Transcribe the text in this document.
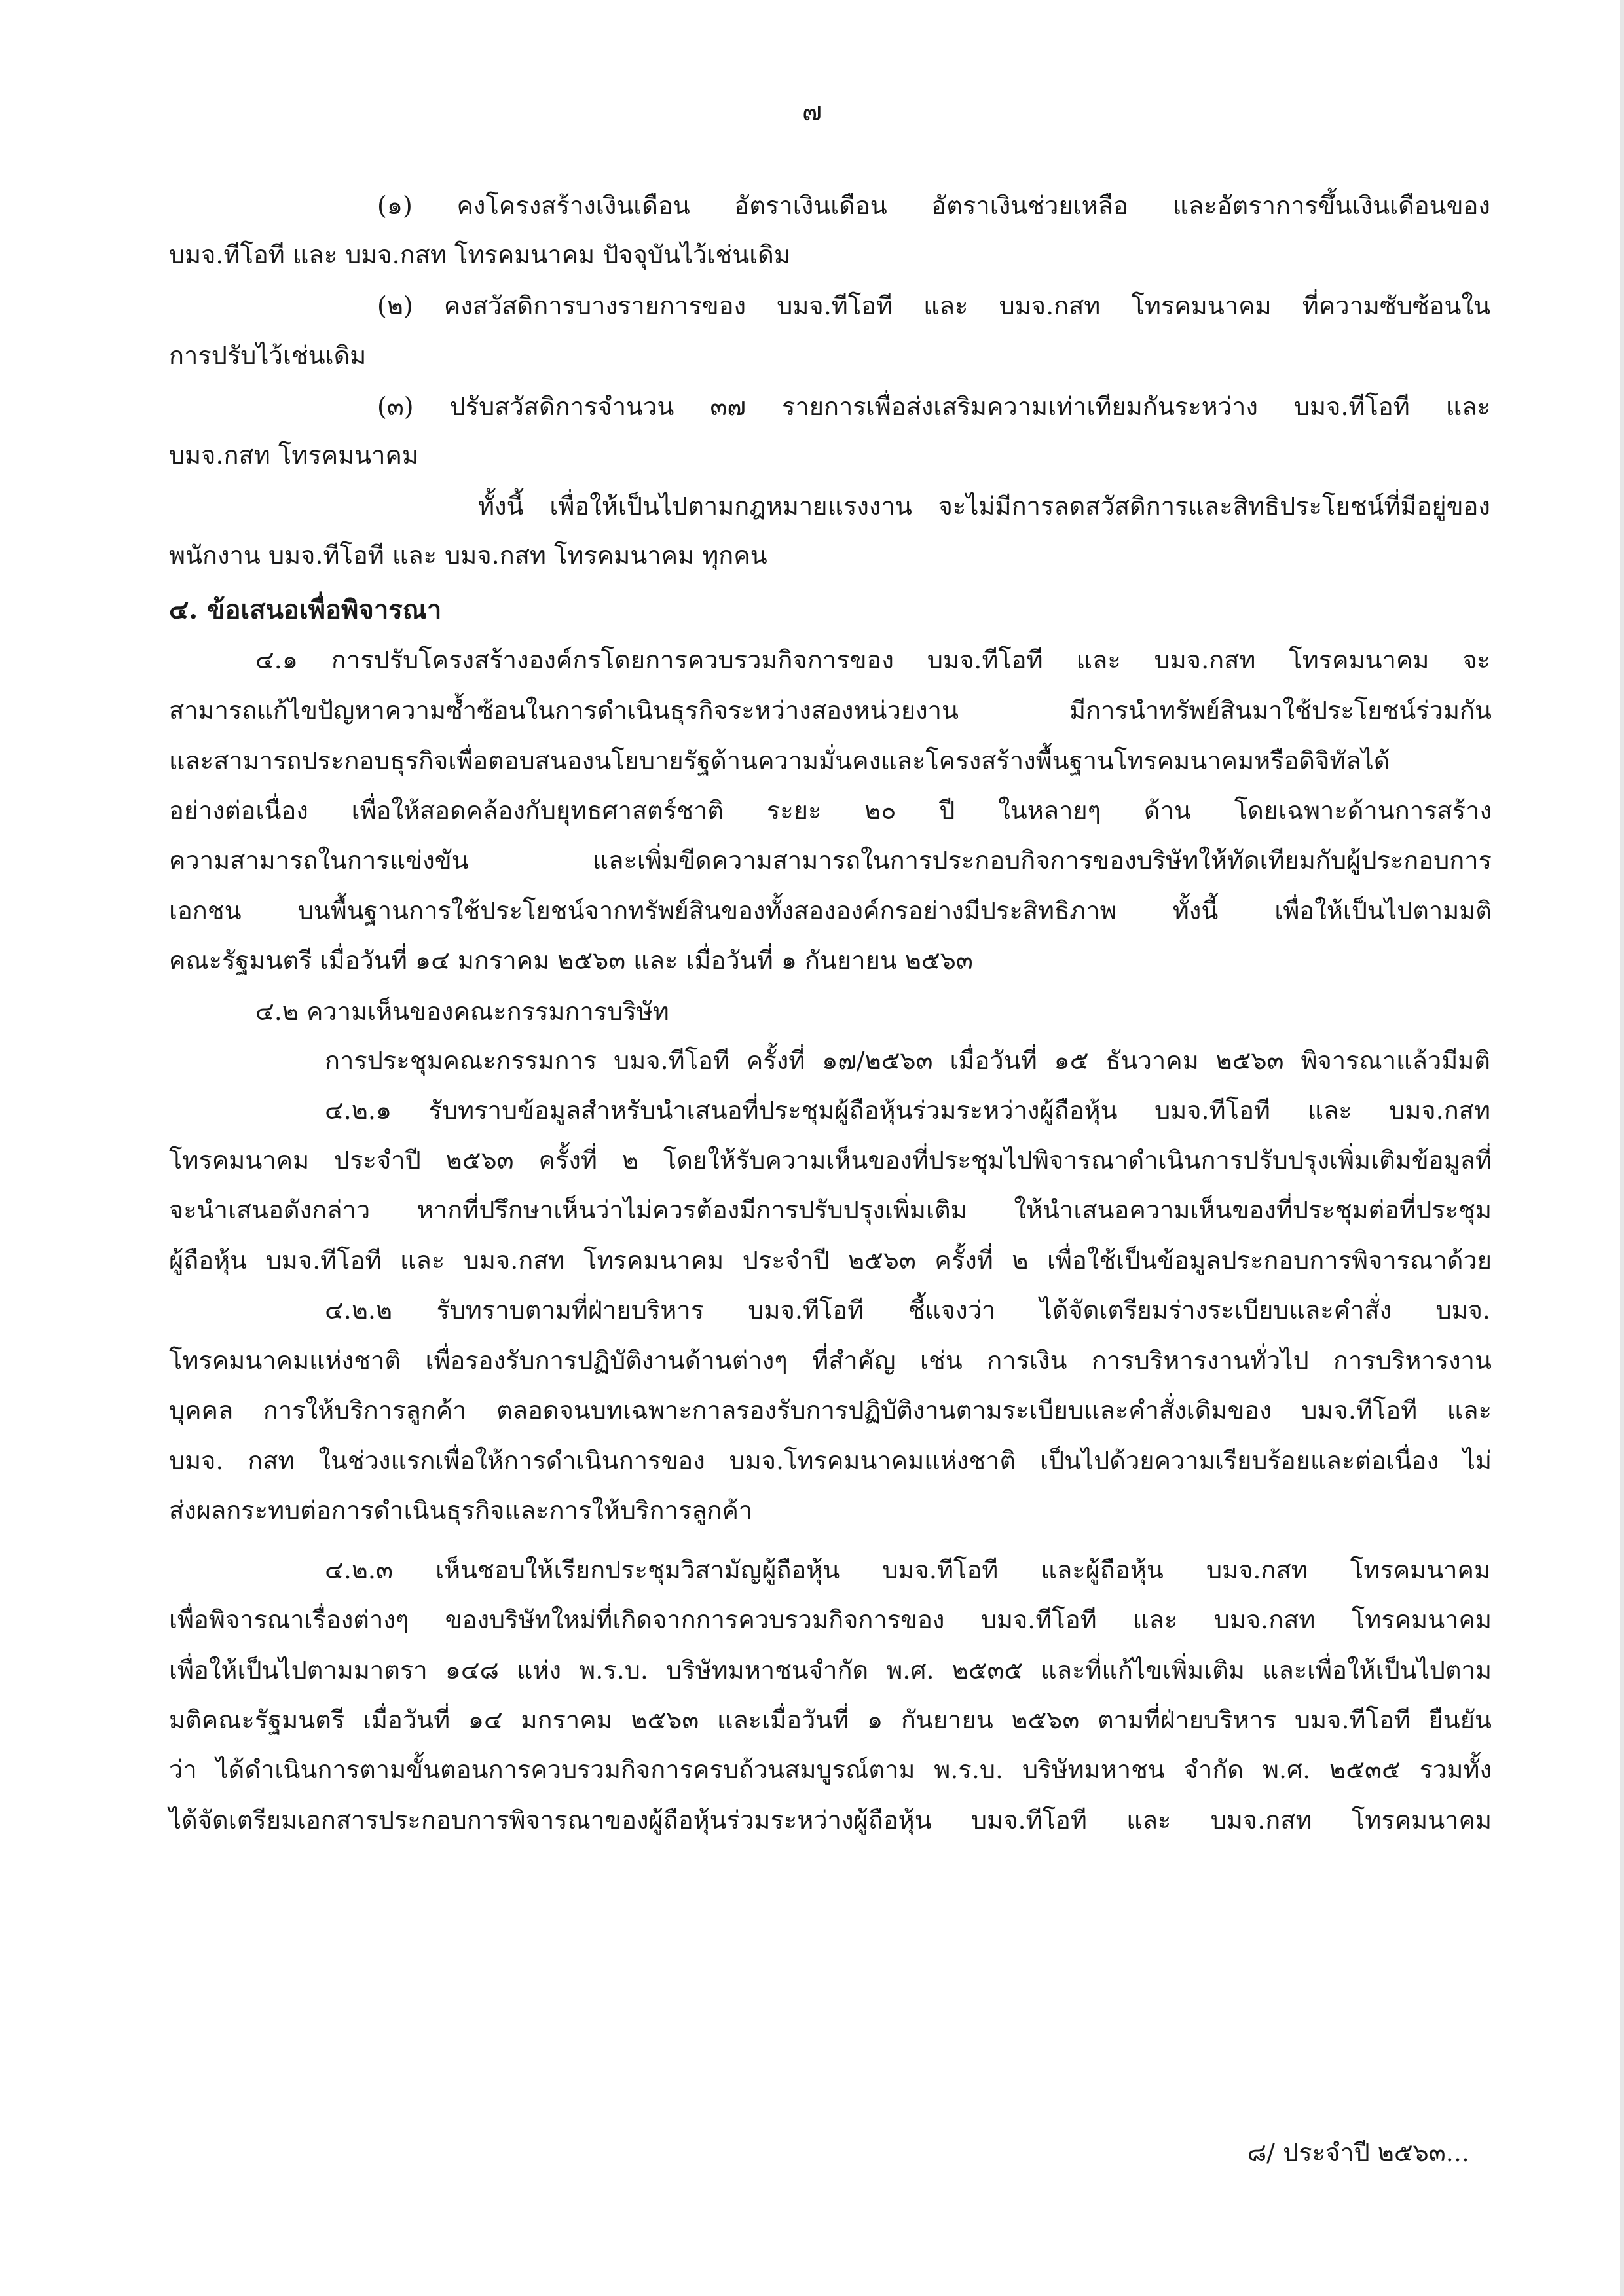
๗
(๑) คงโครงสร้างเงินเดือน อัตราเงินเดือน อัตราเงินช่วยเหลือ และอัตราการขึ้นเงินเดือนของ
บมจ.ทีโอที และ บมจ.กสท โทรคมนาคม ปัจจุบันไว้เช่นเดิม
(๒) คงสวัสดิการบางรายการของ บมจ.ทีโอที และ บมจ.กสท โทรคมนาคม ที่ความซับซ้อนใน
การปรับไว้เช่นเดิม
(๓) ปรับสวัสดิการจำนวน ๓๗ รายการเพื่อส่งเสริมความเท่าเทียมกันระหว่าง บมจ.ทีโอที และ
บมจ.กสท โทรคมนาคม
ทั้งนี้ เพื่อให้เป็นไปตามกฎหมายแรงงาน จะไม่มีการลดสวัสดิการและสิทธิประโยชน์ที่มีอยู่ของ
พนักงาน บมจ.ทีโอที และ บมจ.กสท โทรคมนาคม ทุกคน
๔. ข้อเสนอเพื่อพิจารณา
๔.๑ การปรับโครงสร้างองค์กรโดยการควบรวมกิจการของ บมจ.ทีโอที และ บมจ.กสท โทรคมนาคม จะ
สามารถแก้ไขปัญหาความซ้ำซ้อนในการดำเนินธุรกิจระหว่างสองหน่วยงาน มีการนำทรัพย์สินมาใช้ประโยชน์ร่วมกัน
และสามารถประกอบธุรกิจเพื่อตอบสนองนโยบายรัฐด้านความมั่นคงและโครงสร้างพื้นฐานโทรคมนาคมหรือดิจิทัลได้
อย่างต่อเนื่อง เพื่อให้สอดคล้องกับยุทธศาสตร์ชาติ ระยะ ๒๐ ปี ในหลายๆ ด้าน โดยเฉพาะด้านการสร้าง
ความสามารถในการแข่งขัน และเพิ่มขีดความสามารถในการประกอบกิจการของบริษัทให้ทัดเทียมกับผู้ประกอบการ
เอกชน บนพื้นฐานการใช้ประโยชน์จากทรัพย์สินของทั้งสององค์กรอย่างมีประสิทธิภาพ ทั้งนี้ เพื่อให้เป็นไปตามมติ
คณะรัฐมนตรี เมื่อวันที่ ๑๔ มกราคม ๒๕๖๓ และ เมื่อวันที่ ๑ กันยายน ๒๕๖๓
๔.๒ ความเห็นของคณะกรรมการบริษัท
การประชุมคณะกรรมการ บมจ.ทีโอที ครั้งที่ ๑๗/๒๕๖๓ เมื่อวันที่ ๑๕ ธันวาคม ๒๕๖๓ พิจารณาแล้วมีมติ
๔.๒.๑ รับทราบข้อมูลสำหรับนำเสนอที่ประชุมผู้ถือหุ้นร่วมระหว่างผู้ถือหุ้น บมจ.ทีโอที และ บมจ.กสท
โทรคมนาคม ประจำปี ๒๕๖๓ ครั้งที่ ๒ โดยให้รับความเห็นของที่ประชุมไปพิจารณาดำเนินการปรับปรุงเพิ่มเติมข้อมูลที่
จะนำเสนอดังกล่าว หากที่ปรึกษาเห็นว่าไม่ควรต้องมีการปรับปรุงเพิ่มเติม ให้นำเสนอความเห็นของที่ประชุมต่อที่ประชุม
ผู้ถือหุ้น บมจ.ทีโอที และ บมจ.กสท โทรคมนาคม ประจำปี ๒๕๖๓ ครั้งที่ ๒ เพื่อใช้เป็นข้อมูลประกอบการพิจารณาด้วย
๔.๒.๒ รับทราบตามที่ฝ่ายบริหาร บมจ.ทีโอที ชี้แจงว่า ได้จัดเตรียมร่างระเบียบและคำสั่ง บมจ.
โทรคมนาคมแห่งชาติ เพื่อรองรับการปฏิบัติงานด้านต่างๆ ที่สำคัญ เช่น การเงิน การบริหารงานทั่วไป การบริหารงาน
บุคคล การให้บริการลูกค้า ตลอดจนบทเฉพาะกาลรองรับการปฏิบัติงานตามระเบียบและคำสั่งเดิมของ บมจ.ทีโอที และ
บมจ. กสท ในช่วงแรกเพื่อให้การดำเนินการของ บมจ.โทรคมนาคมแห่งชาติ เป็นไปด้วยความเรียบร้อยและต่อเนื่อง ไม่
ส่งผลกระทบต่อการดำเนินธุรกิจและการให้บริการลูกค้า
๔.๒.๓ เห็นชอบให้เรียกประชุมวิสามัญผู้ถือหุ้น บมจ.ทีโอที และผู้ถือหุ้น บมจ.กสท โทรคมนาคม
เพื่อพิจารณาเรื่องต่างๆ ของบริษัทใหม่ที่เกิดจากการควบรวมกิจการของ บมจ.ทีโอที และ บมจ.กสท โทรคมนาคม
เพื่อให้เป็นไปตามมาตรา ๑๔๘ แห่ง พ.ร.บ. บริษัทมหาชนจำกัด พ.ศ. ๒๕๓๕ และที่แก้ไขเพิ่มเติม และเพื่อให้เป็นไปตาม
มติคณะรัฐมนตรี เมื่อวันที่ ๑๔ มกราคม ๒๕๖๓ และเมื่อวันที่ ๑ กันยายน ๒๕๖๓ ตามที่ฝ่ายบริหาร บมจ.ทีโอที ยืนยัน
ว่า ได้ดำเนินการตามขั้นตอนการควบรวมกิจการครบถ้วนสมบูรณ์ตาม พ.ร.บ. บริษัทมหาชน จำกัด พ.ศ. ๒๕๓๕ รวมทั้ง
ได้จัดเตรียมเอกสารประกอบการพิจารณาของผู้ถือหุ้นร่วมระหว่างผู้ถือหุ้น บมจ.ทีโอที และ บมจ.กสท โทรคมนาคม
๘/ ประจำปี ๒๕๖๓...
